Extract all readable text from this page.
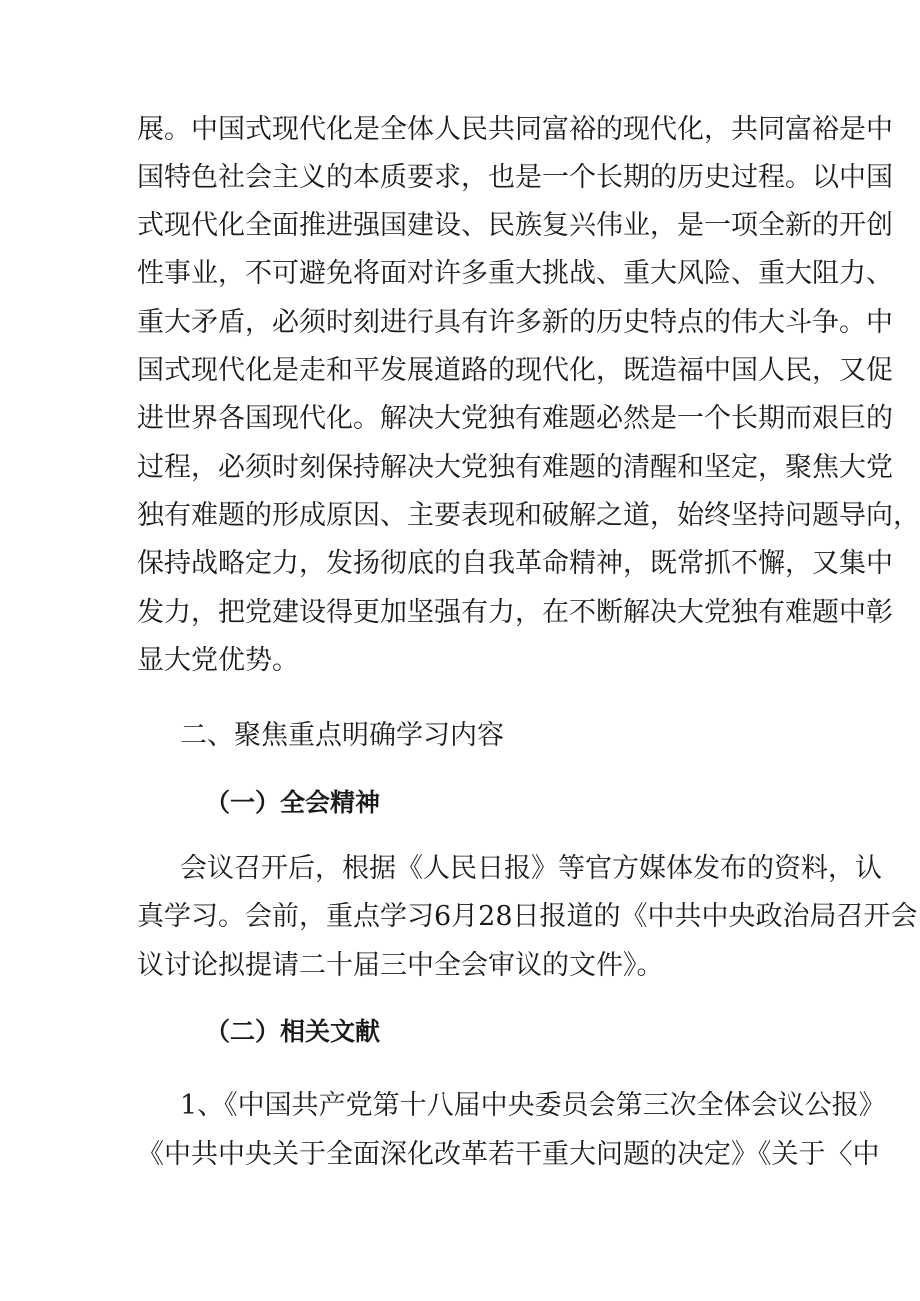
展。中国式现代化是全体人民共同富裕的现代化，共同富裕是中
国特色社会主义的本质要求，也是一个长期的历史过程。以中国
式现代化全面推进强国建设、民族复兴伟业，是一项全新的开创
性事业，不可避免将面对许多重大挑战、重大风险、重大阻力、
重大矛盾，必须时刻进行具有许多新的历史特点的伟大斗争。中
国式现代化是走和平发展道路的现代化，既造福中国人民，又促
进世界各国现代化。解决大党独有难题必然是一个长期而艰巨的
过程，必须时刻保持解决大党独有难题的清醒和坚定，聚焦大党
独有难题的形成原因、主要表现和破解之道，始终坚持问题导向，
保持战略定力，发扬彻底的自我革命精神，既常抓不懈，又集中
发力，把党建设得更加坚强有力，在不断解决大党独有难题中彰
显大党优势。
二、聚焦重点明确学习内容
（一）全会精神
会议召开后，根据《人民日报》等官方媒体发布的资料，认
真学习。会前，重点学习6月28日报道的《中共中央政治局召开会
议讨论拟提请二十届三中全会审议的文件》。
（二）相关文献
1、《中国共产党第十八届中央委员会第三次全体会议公报》
《中共中央关于全面深化改革若干重大问题的决定》《关于〈中
